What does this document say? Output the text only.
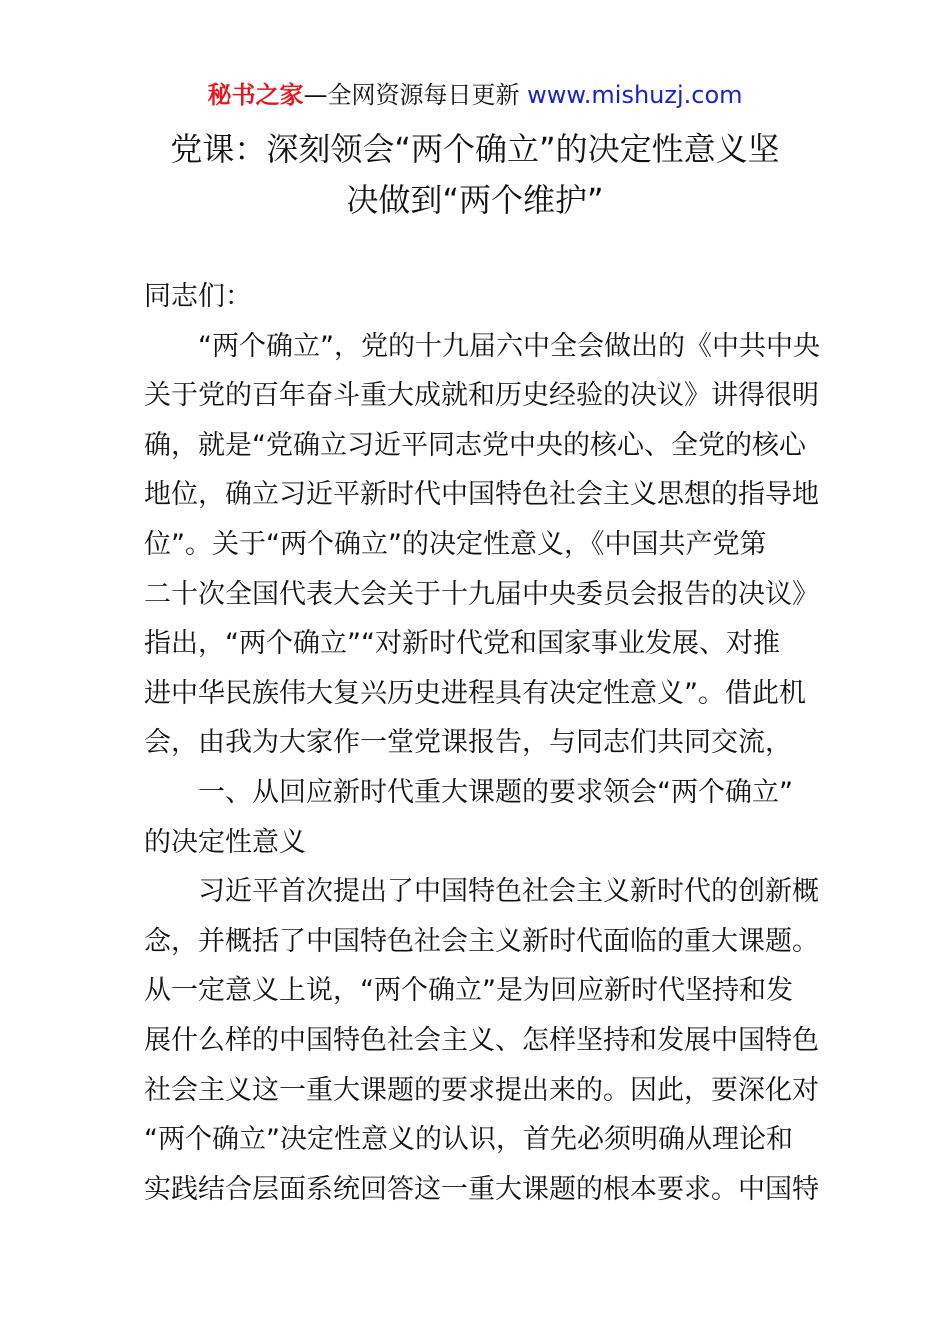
秘书之家—全网资源每日更新 www.mishuzj.com
党课：深刻领会“两个确立”的决定性意义坚
决做到“两个维护”
同志们：
“两个确立”，党的十九届六中全会做出的《中共中央
关于党的百年奋斗重大成就和历史经验的决议》讲得很明
确，就是“党确立习近平同志党中央的核心、全党的核心
地位，确立习近平新时代中国特色社会主义思想的指导地
位”。关于“两个确立”的决定性意义，《中国共产党第
二十次全国代表大会关于十九届中央委员会报告的决议》
指出，“两个确立”“对新时代党和国家事业发展、对推
进中华民族伟大复兴历史进程具有决定性意义”。借此机
会，由我为大家作一堂党课报告，与同志们共同交流，
一、从回应新时代重大课题的要求领会“两个确立”
的决定性意义
习近平首次提出了中国特色社会主义新时代的创新概
念，并概括了中国特色社会主义新时代面临的重大课题。
从一定意义上说，“两个确立”是为回应新时代坚持和发
展什么样的中国特色社会主义、怎样坚持和发展中国特色
社会主义这一重大课题的要求提出来的。因此，要深化对
“两个确立”决定性意义的认识，首先必须明确从理论和
实践结合层面系统回答这一重大课题的根本要求。中国特
